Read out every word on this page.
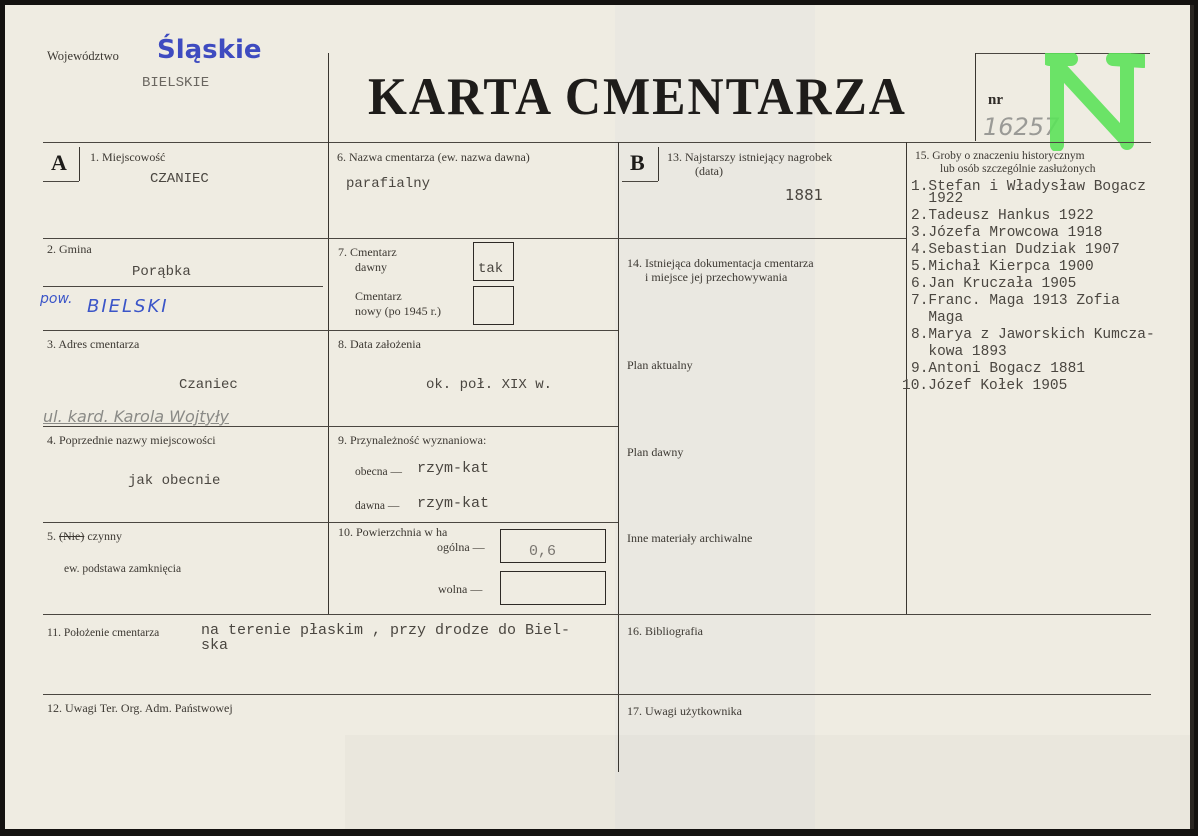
Województwo Śląskie
BIELSKIE	KARTA CMENTARZA	nr
16257
A 1. Miejscowość
CZANIEC
2. Gmina
Porąbka
pow. BIELSKI
3. Adres cmentarza
Czaniec
ul. kard. Karola Wojtyły
4. Poprzednie nazwy miejscowości
jak obecnie
5. (Nie) czynny
ew. podstawa zamknięcia
6. Nazwa cmentarza (ew. nazwa dawna)
parafialny
7. Cmentarz
dawny	tak
Cmentarz
nowy (po 1945 r.)
8. Data założenia
ok. poł. XIX w.
9. Przynależność wyznaniowa:
obecna — rzym-kat
dawna — rzym-kat
10. Powierzchnia w ha
ogólna —	0,6
wolna —
11. Położenie cmentarza	na terenie płaskim , przy drodze do Biel-
ska
12. Uwagi Ter. Org. Adm. Państwowej
B 13. Najstarszy istniejący nagrobek
(data)
1881
14. Istniejąca dokumentacja cmentarza
i miejsce jej przechowywania
Plan aktualny
Plan dawny
Inne materiały archiwalne
15. Groby o znaczeniu historycznym
lub osób szczególnie zasłużonych
1.Stefan i Władysław Bogacz
1922
2.Tadeusz Hankus 1922
3.Józefa Mrowcowa 1918
4.Sebastian Dudziak 1907
5.Michał Kierpca 1900
6.Jan Kruczała 1905
7.Franc. Maga 1913 Zofia
Maga
8.Marya z Jaworskich Kumcza-
kowa 1893
9.Antoni Bogacz 1881
10.Józef Kołek 1905
16. Bibliografia
17. Uwagi użytkownika
